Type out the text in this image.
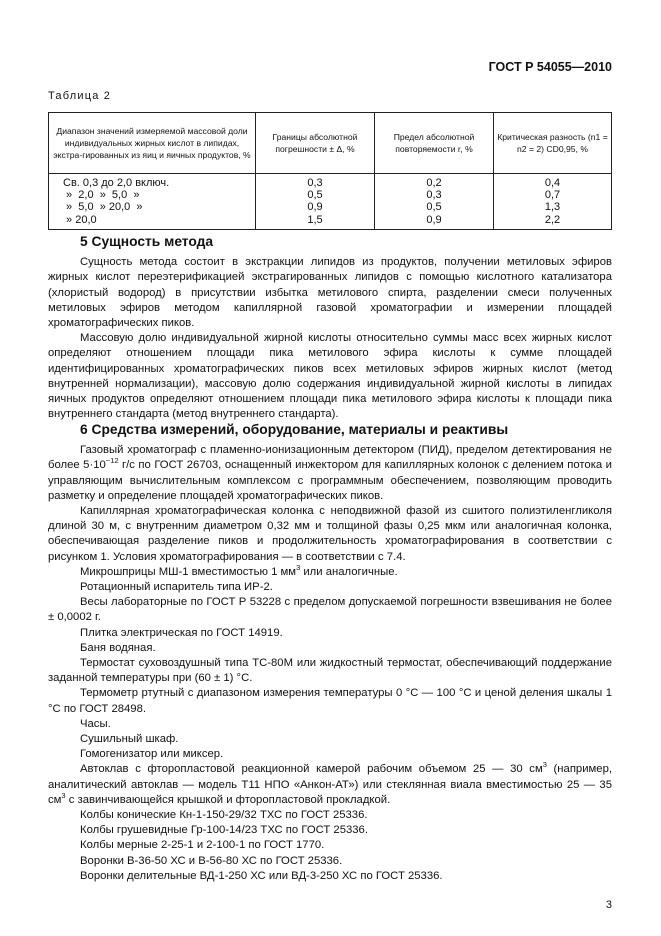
ГОСТ Р 54055—2010
Таблица 2
Диапазон значений измеряемой массовой доли индивидуальных жирных кислот в липидах, экстра-гированных из яиц и яичных продуктов, %	Границы абсолютной погрешности ± Δ, %	Предел абсолютной повторяемости r, %	Критическая разность (n1 = n2 = 2) CD0,95, %
Св. 0,3 до 2,0 включ.	0,3	0,2	0,4
»  2,0  »  5,0  »	0,5	0,3	0,7
»  5,0  » 20,0  »	0,9	0,5	1,3
» 20,0	1,5	0,9	2,2
5 Сущность метода

Сущность метода состоит в экстракции липидов из продуктов, получении метиловых эфиров жирных кислот переэтерификацией экстрагированных липидов с помощью кислотного катализатора (хлористый водород) в присутствии избытка метилового спирта, разделении смеси полученных метиловых эфиров методом капиллярной газовой хроматографии и измерении площадей хроматографических пиков.

Массовую долю индивидуальной жирной кислоты относительно суммы масс всех жирных кислот определяют отношением площади пика метилового эфира кислоты к сумме площадей идентифицированных хроматографических пиков всех метиловых эфиров жирных кислот (метод внутренней нормализации), массовую долю содержания индивидуальной жирной кислоты в липидах яичных продуктов определяют отношением площади пика метилового эфира кислоты к площади пика внутреннего стандарта (метод внутреннего стандарта).

6 Средства измерений, оборудование, материалы и реактивы

Газовый хроматограф с пламенно-ионизационным детектором (ПИД), пределом детектирования не более $5\cdot 10^{-12}$ г/с по ГОСТ 26703, оснащенный инжектором для капиллярных колонок с делением потока и управляющим вычислительным комплексом с программным обеспечением, позволяющим проводить разметку и определение площадей хроматографических пиков.

Капиллярная хроматографическая колонка с неподвижной фазой из сшитого полиэтиленгликоля длиной 30 м, с внутренним диаметром 0,32 мм и толщиной фазы 0,25 мкм или аналогичная колонка, обеспечивающая разделение пиков и продолжительность хроматографирования в соответствии с рисунком 1. Условия хроматографирования — в соответствии с 7.4.

Микрошприцы МШ-1 вместимостью 1 $мм^3$ или аналогичные.

Ротационный испаритель типа ИР-2.

Весы лабораторные по ГОСТ Р 53228 с пределом допускаемой погрешности взвешивания не более ± 0,0002 г.

Плитка электрическая по ГОСТ 14919.

Баня водяная.

Термостат суховоздушный типа ТС-80М или жидкостный термостат, обеспечивающий поддержание заданной температуры при (60 ± 1) °С.

Термометр ртутный с диапазоном измерения температуры 0 °С — 100 °С и ценой деления шкалы 1 °С по ГОСТ 28498.

Часы.

Сушильный шкаф.

Гомогенизатор или миксер.

Автоклав с фторопластовой реакционной камерой рабочим объемом 25 — 30 $см^3$ (например, аналитический автоклав — модель Т11 НПО «Анкон-АТ») или стеклянная виала вместимостью 25 — 35 $см^3$ с завинчивающейся крышкой и фторопластовой прокладкой.

Колбы конические Кн-1-150-29/32 ТХС по ГОСТ 25336.

Колбы грушевидные Гр-100-14/23 ТХС по ГОСТ 25336.

Колбы мерные 2-25-1 и 2-100-1 по ГОСТ 1770.

Воронки В-36-50 ХС и В-56-80 ХС по ГОСТ 25336.

Воронки делительные ВД-1-250 ХС или ВД-3-250 ХС по ГОСТ 25336.

3
